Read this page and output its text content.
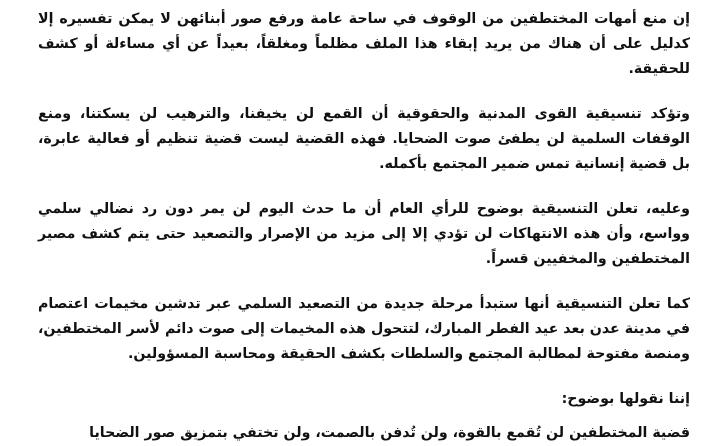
إن منع أمهات المختطفين من الوقوف في ساحة عامة ورفع صور أبنائهن لا يمكن تفسيره إلا كدليل على أن هناك من يريد إبقاء هذا الملف مظلماً ومغلقاً، بعيداً عن أي مساءلة أو كشف للحقيقة.

وتؤكد تنسيقية القوى المدنية والحقوقية أن القمع لن يخيفنا، والترهيب لن يسكتنا، ومنع الوقفات السلمية لن يطفئ صوت الضحايا. فهذه القضية ليست قضية تنظيم أو فعالية عابرة، بل قضية إنسانية تمس ضمير المجتمع بأكمله.

وعليه، تعلن التنسيقية بوضوح للرأي العام أن ما حدث اليوم لن يمر دون رد نضالي سلمي وواسع، وأن هذه الانتهاكات لن تؤدي إلا إلى مزيد من الإصرار والتصعيد حتى يتم كشف مصير المختطفين والمخفيين قسراً.

كما تعلن التنسيقية أنها ستبدأ مرحلة جديدة من التصعيد السلمي عبر تدشين مخيمات اعتصام في مدينة عدن بعد عيد الفطر المبارك، لتتحول هذه المخيمات إلى صوت دائم لأسر المختطفين، ومنصة مفتوحة لمطالبة المجتمع والسلطات بكشف الحقيقة ومحاسبة المسؤولين.

إننا نقولها بوضوح:

قضية المختطفين لن تُقمع بالقوة، ولن تُدفن بالصمت، ولن تختفي بتمزيق صور الضحايا
